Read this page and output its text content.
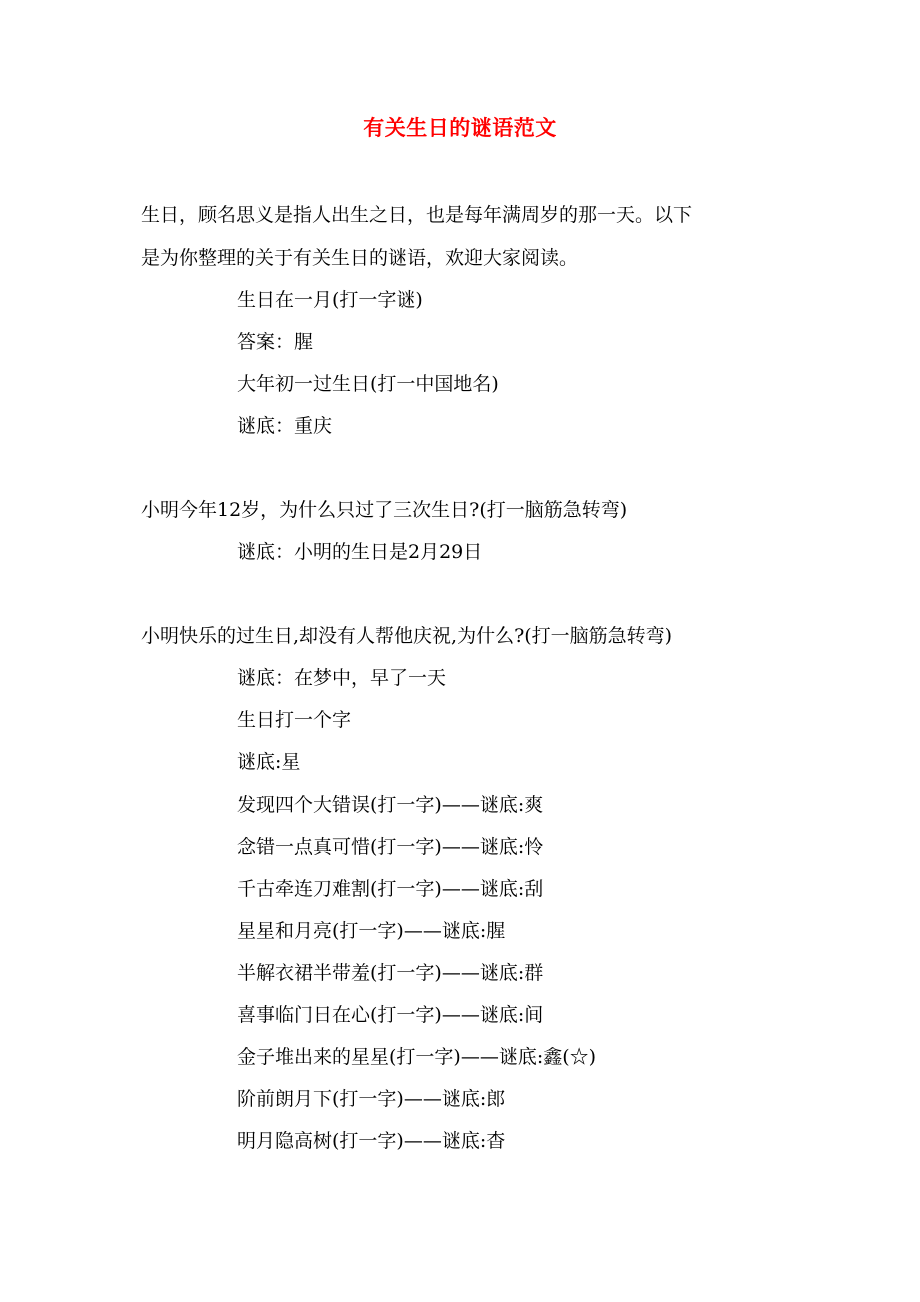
有关生日的谜语范文
生日，顾名思义是指人出生之日，也是每年满周岁的那一天。以下
是为你整理的关于有关生日的谜语，欢迎大家阅读。
生日在一月(打一字谜)
答案：腥
大年初一过生日(打一中国地名)
谜底：重庆
小明今年12岁，为什么只过了三次生日?(打一脑筋急转弯)
谜底：小明的生日是2月29日
小明快乐的过生日,却没有人帮他庆祝,为什么?(打一脑筋急转弯)
谜底：在梦中，早了一天
生日打一个字
谜底:星
发现四个大错误(打一字)——谜底:爽
念错一点真可惜(打一字)——谜底:怜
千古牵连刀难割(打一字)——谜底:刮
星星和月亮(打一字)——谜底:腥
半解衣裙半带羞(打一字)——谜底:群
喜事临门日在心(打一字)——谜底:间
金子堆出来的星星(打一字)——谜底:鑫(☆)
阶前朗月下(打一字)——谜底:郎
明月隐高树(打一字)——谜底:杳
